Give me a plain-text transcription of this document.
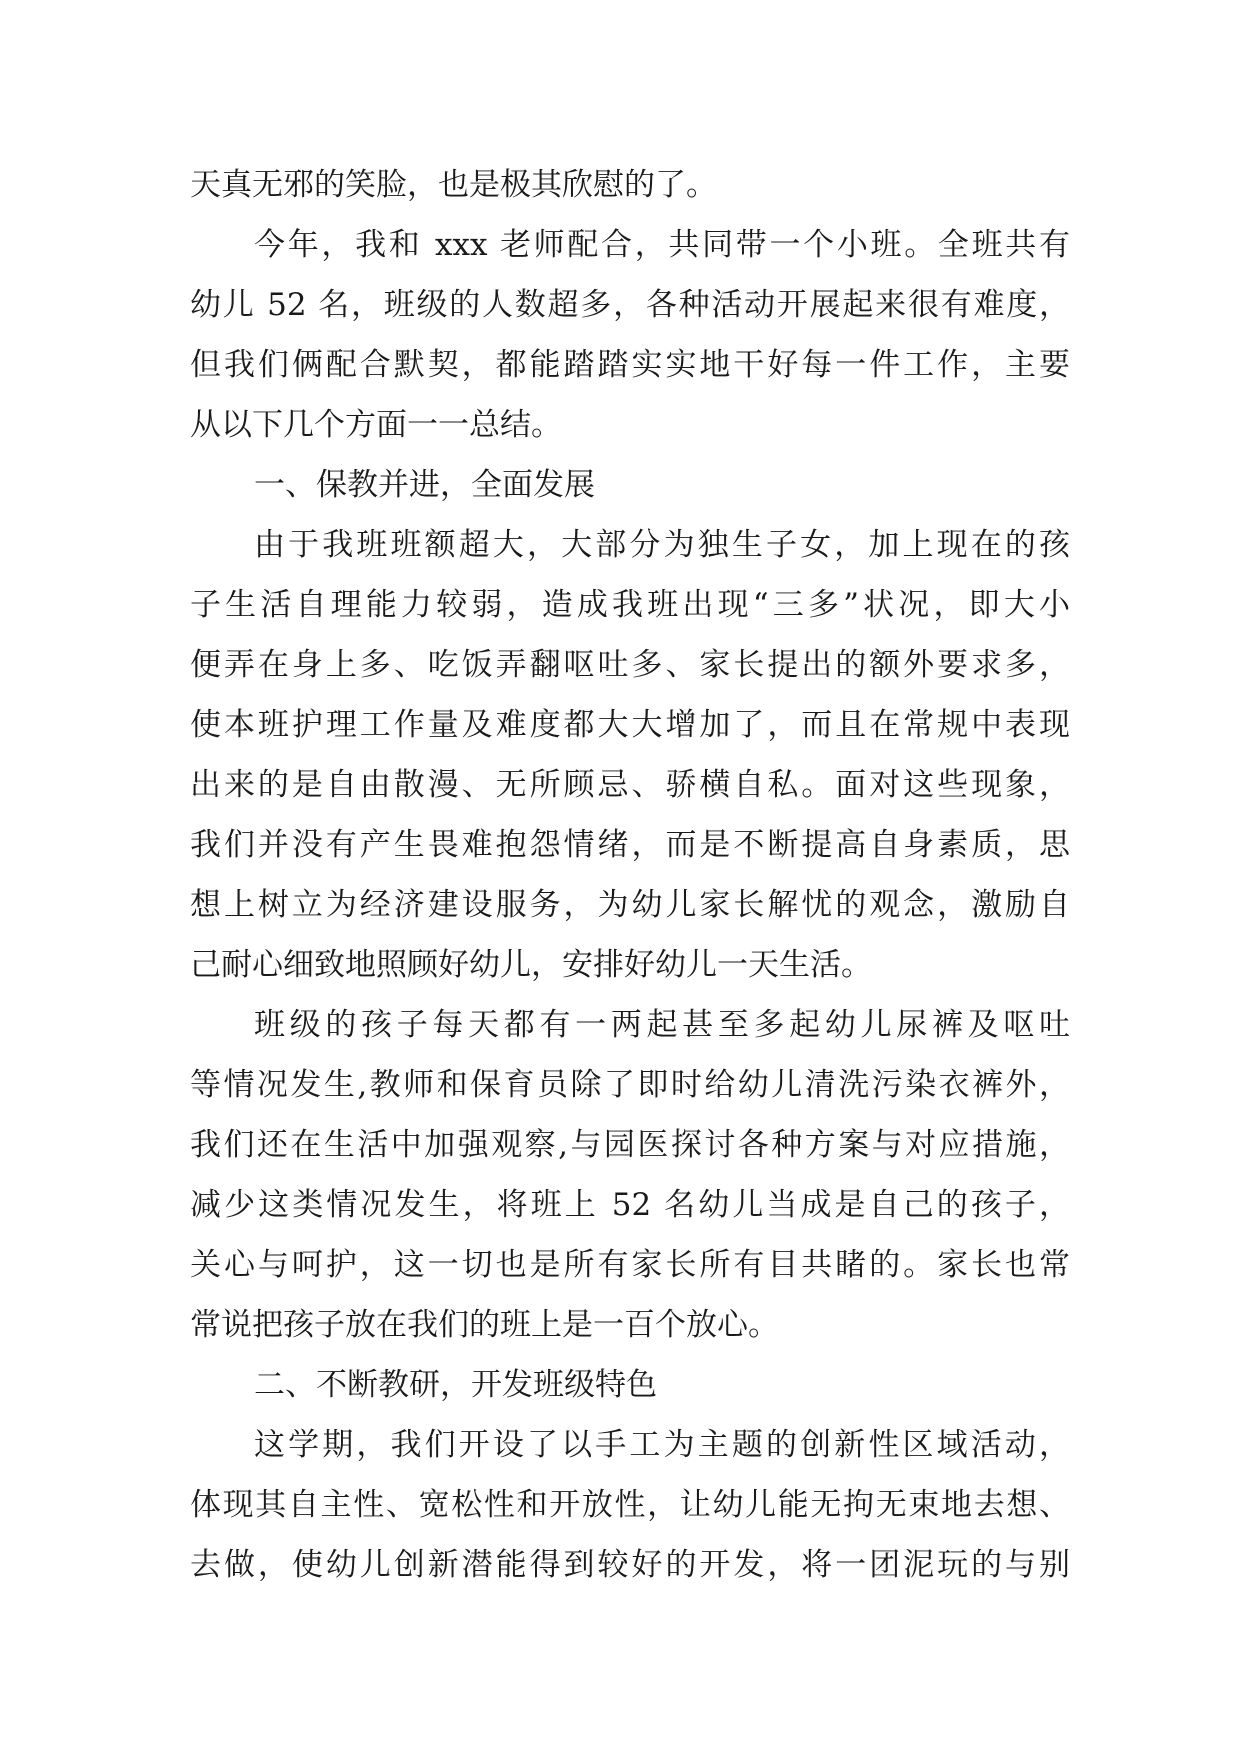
天真无邪的笑脸，也是极其欣慰的了。
今年，我和 xxx 老师配合，共同带一个小班。全班共有
幼儿 52 名，班级的人数超多，各种活动开展起来很有难度，
但我们俩配合默契，都能踏踏实实地干好每一件工作，主要
从以下几个方面一一总结。
一、保教并进，全面发展
由于我班班额超大，大部分为独生子女，加上现在的孩
子生活自理能力较弱，造成我班出现“三多”状况，即大小
便弄在身上多、吃饭弄翻呕吐多、家长提出的额外要求多，
使本班护理工作量及难度都大大增加了，而且在常规中表现
出来的是自由散漫、无所顾忌、骄横自私。面对这些现象，
我们并没有产生畏难抱怨情绪，而是不断提高自身素质，思
想上树立为经济建设服务，为幼儿家长解忧的观念，激励自
己耐心细致地照顾好幼儿，安排好幼儿一天生活。
班级的孩子每天都有一两起甚至多起幼儿尿裤及呕吐
等情况发生,教师和保育员除了即时给幼儿清洗污染衣裤外，
我们还在生活中加强观察,与园医探讨各种方案与对应措施，
减少这类情况发生，将班上 52 名幼儿当成是自己的孩子，
关心与呵护，这一切也是所有家长所有目共睹的。家长也常
常说把孩子放在我们的班上是一百个放心。
二、不断教研，开发班级特色
这学期，我们开设了以手工为主题的创新性区域活动，
体现其自主性、宽松性和开放性，让幼儿能无拘无束地去想、
去做，使幼儿创新潜能得到较好的开发，将一团泥玩的与别
